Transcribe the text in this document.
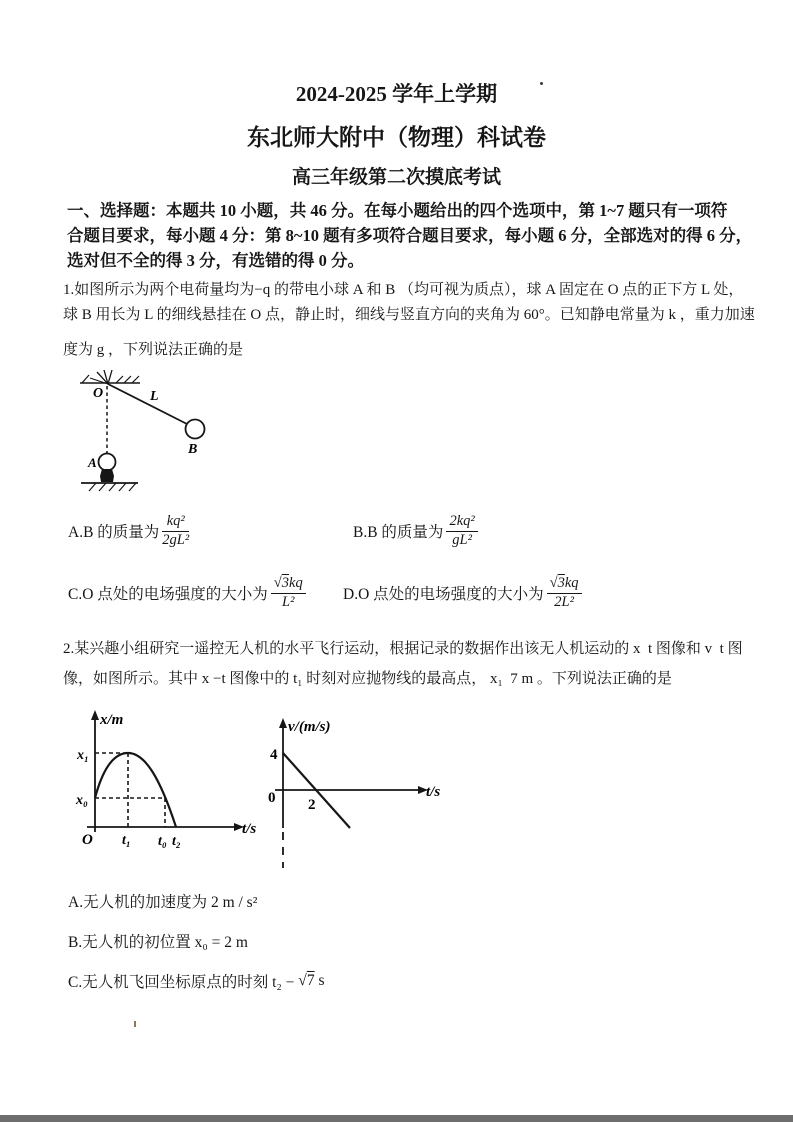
2024-2025 学年上学期
东北师大附中（物理）科试卷
高三年级第二次摸底考试
一、选择题：本题共 10 小题，共 46 分。在每小题给出的四个选项中，第 1~7 题只有一项符
合题目要求，每小题 4 分：第 8~10 题有多项符合题目要求，每小题 6 分，全部选对的得 6 分，
选对但不全的得 3 分，有选错的得 0 分。
1.如图所示为两个电荷量均为−q 的带电小球 A 和 B （均可视为质点），球 A 固定在 O 点的正下方 L 处，
球 B 用长为 L 的细线悬挂在 O 点，静止时，细线与竖直方向的夹角为 60°。已知静电常量为 k ，重力加速
度为 g ，下列说法正确的是
O	L
B
A
A.B 的质量为 $\frac{\text{kq²}}{\text{2gL²}}$	B.B 的质量为 $\frac{\text{2kq²}}{\text{gL²}}$
C.O 点处的电场强度的大小为 $\frac{√3kq}{\text{L²}} D.O$ 点处的电场强度的大小为 $\frac{√3kq}{\text{2L²}}$
2.某兴趣小组研究一遥控无人机的水平飞行运动，根据记录的数据作出该无人机运动的 x  t 图像和 v  t 图
像，如图所示。其中 x −t 图像中的 t₁ 时刻对应抛物线的最高点， x₁  7 m 。下列说法正确的是
x/m
t/s
x₁
x₀
O t₁ t₀ t₂
v/(m/s)
t/s
4
0 2
A.无人机的加速度为 2 m / s²
B.无人机的初位置 x₀ = 2 m
C.无人机飞回坐标原点的时刻 t₂ − √ 7 s
